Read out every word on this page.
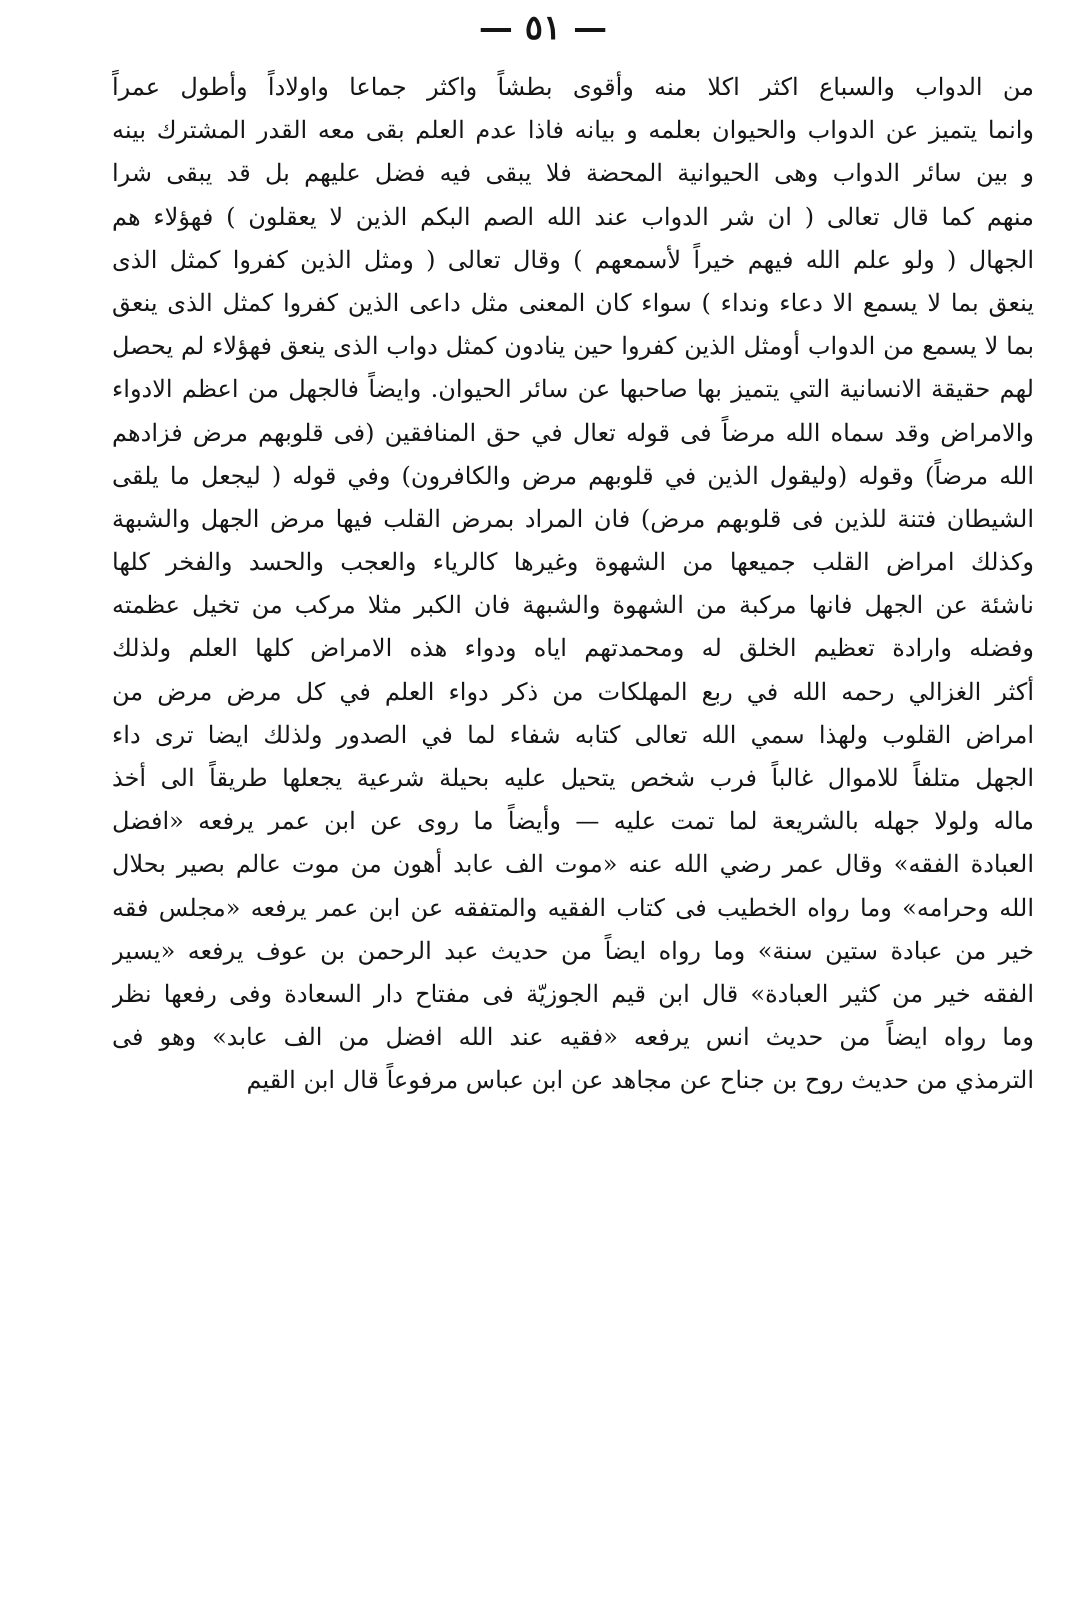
— ٥١ —
من الدواب والسباع اكثر اكلا منه وأقوى بطشاً واكثر جماعا واولاداً وأطول عمراً
وانما يتميز عن الدواب والحيوان بعلمه و بيانه فاذا عدم العلم بقى معه القدر المشترك بينه
و بين سائر الدواب وهى الحيوانية المحضة فلا يبقى فيه فضل عليهم بل قد يبقى شرا
منهم كما قال تعالى ( ان شر الدواب عند الله الصم البكم الذين لا يعقلون ) فهؤلاء هم
الجهال ( ولو علم الله فيهم خيراً لأسمعهم ) وقال تعالى ( ومثل الذين كفروا كمثل الذى
ينعق بما لا يسمع الا دعاء ونداء ) سواء كان المعنى مثل داعى الذين كفروا كمثل الذى ينعق
بما لا يسمع من الدواب أومثل الذين كفروا حين ينادون كمثل دواب الذى ينعق فهؤلاء لم يحصل
لهم حقيقة الانسانية التي يتميز بها صاحبها عن سائر الحيوان. وايضاً فالجهل من اعظم الادواء
والامراض وقد سماه الله مرضاً فى قوله تعال في حق المنافقين (فى قلوبهم مرض فزادهم
الله مرضاً) وقوله (وليقول الذين في قلوبهم مرض والكافرون) وفي قوله ( ليجعل ما يلقى
الشيطان فتنة للذين فى قلوبهم مرض) فان المراد بمرض القلب فيها مرض الجهل والشبهة
وكذلك امراض القلب جميعها من الشهوة وغيرها كالرياء والعجب والحسد والفخر كلها
ناشئة عن الجهل فانها مركبة من الشهوة والشبهة فان الكبر مثلا مركب من تخيل عظمته
وفضله وارادة تعظيم الخلق له ومحمدتهم اياه ودواء هذه الامراض كلها العلم ولذلك
أكثر الغزالي رحمه الله في ربع المهلكات من ذكر دواء العلم في كل مرض مرض من
امراض القلوب ولهذا سمي الله تعالى كتابه شفاء لما في الصدور ولذلك ايضا ترى داء
الجهل متلفاً للاموال غالباً فرب شخص يتحيل عليه بحيلة شرعية يجعلها طريقاً الى أخذ
ماله ولولا جهله بالشريعة لما تمت عليه — وأيضاً ما روى عن ابن عمر يرفعه «افضل
العبادة الفقه» وقال عمر رضي الله عنه «موت الف عابد أهون من موت عالم بصير بحلال
الله وحرامه» وما رواه الخطيب فى كتاب الفقيه والمتفقه عن ابن عمر يرفعه «مجلس فقه
خير من عبادة ستين سنة» وما رواه ايضاً من حديث عبد الرحمن بن عوف يرفعه «يسير
الفقه خير من كثير العبادة» قال ابن قيم الجوزيّة فى مفتاح دار السعادة وفى رفعها نظر
وما رواه ايضاً من حديث انس يرفعه «فقيه عند الله افضل من الف عابد» وهو فى
الترمذي من حديث روح بن جناح عن مجاهد عن ابن عباس مرفوعاً قال ابن القيم
